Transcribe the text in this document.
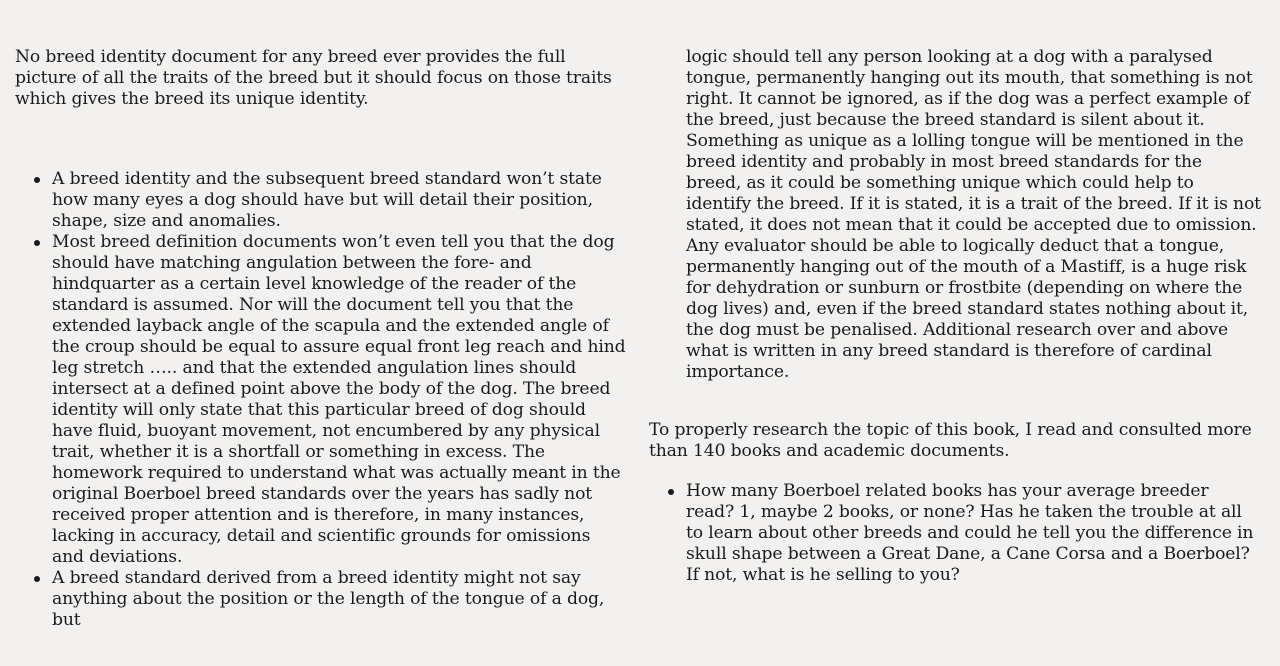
No breed identity document for any breed ever provides the full picture of all the traits of the breed but it should focus on those traits which gives the breed its unique identity.

A breed identity and the subsequent breed standard won’t state how many eyes a dog should have but will detail their position, shape, size and anomalies.
Most breed definition documents won’t even tell you that the dog should have matching angulation between the fore- and hindquarter as a certain level knowledge of the reader of the standard is assumed. Nor will the document tell you that the extended layback angle of the scapula and the extended angle of the croup should be equal to assure equal front leg reach and hind leg stretch ….. and that the extended angulation lines should intersect at a defined point above the body of the dog. The breed identity will only state that this particular breed of dog should have fluid, buoyant movement, not encumbered by any physical trait, whether it is a shortfall or something in excess. The homework required to understand what was actually meant in the original Boerboel breed standards over the years has sadly not received proper attention and is therefore, in many instances, lacking in accuracy, detail and scientific grounds for omissions and deviations.
A breed standard derived from a breed identity might not say anything about the position or the length of the tongue of a dog, but

logic should tell any person looking at a dog with a paralysed tongue, permanently hanging out its mouth, that something is not right. It cannot be ignored, as if the dog was a perfect example of the breed, just because the breed standard is silent about it. Something as unique as a lolling tongue will be mentioned in the breed identity and probably in most breed standards for the breed, as it could be something unique which could help to identify the breed. If it is stated, it is a trait of the breed. If it is not stated, it does not mean that it could be accepted due to omission. Any evaluator should be able to logically deduct that a tongue, permanently hanging out of the mouth of a Mastiff, is a huge risk for dehydration or sunburn or frostbite (depending on where the dog lives) and, even if the breed standard states nothing about it, the dog must be penalised. Additional research over and above what is written in any breed standard is therefore of cardinal importance.

To properly research the topic of this book, I read and consulted more than 140 books and academic documents.

How many Boerboel related books has your average breeder read? 1, maybe 2 books, or none? Has he taken the trouble at all to learn about other breeds and could he tell you the difference in skull shape between a Great Dane, a Cane Corsa and a Boerboel? If not, what is he selling to you?
